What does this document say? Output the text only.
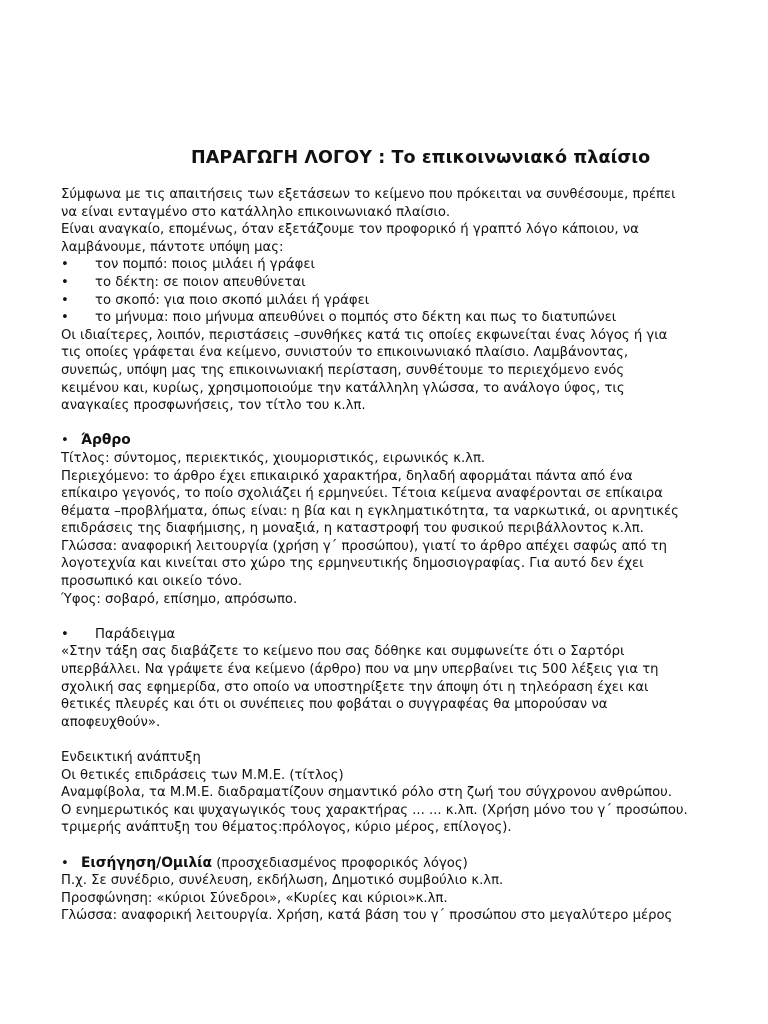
ΠΑΡΑΓΩΓΗ ΛΟΓΟΥ : Το επικοινωνιακό πλαίσιο
Σύμφωνα με τις απαιτήσεις των εξετάσεων το κείμενο που πρόκειται να συνθέσουμε, πρέπει
να είναι ενταγμένο στο κατάλληλο επικοινωνιακό πλαίσιο.
Είναι αναγκαίο, επομένως, όταν εξετάζουμε τον προφορικό ή γραπτό λόγο κάποιου, να
λαμβάνουμε, πάντοτε υπόψη μας:
• τον πομπό: ποιος μιλάει ή γράφει
• το δέκτη: σε ποιον απευθύνεται
• το σκοπό: για ποιο σκοπό μιλάει ή γράφει
• το μήνυμα: ποιο μήνυμα απευθύνει ο πομπός στο δέκτη και πως το διατυπώνει
Οι ιδιαίτερες, λοιπόν, περιστάσεις –συνθήκες κατά τις οποίες εκφωνείται ένας λόγος ή για
τις οποίες γράφεται ένα κείμενο, συνιστούν το επικοινωνιακό πλαίσιο. Λαμβάνοντας,
συνεπώς, υπόψη μας της επικοινωνιακή περίσταση, συνθέτουμε το περιεχόμενο ενός
κειμένου και, κυρίως, χρησιμοποιούμε την κατάλληλη γλώσσα, το ανάλογο ύφος, τις
αναγκαίες προσφωνήσεις, τον τίτλο του κ.λπ.
• Άρθρο
Τίτλος: σύντομος, περιεκτικός, χιουμοριστικός, ειρωνικός κ.λπ.
Περιεχόμενο: το άρθρο έχει επικαιρικό χαρακτήρα, δηλαδή αφορμάται πάντα από ένα
επίκαιρο γεγονός, το ποίο σχολιάζει ή ερμηνεύει. Τέτοια κείμενα αναφέρονται σε επίκαιρα
θέματα –προβλήματα, όπως είναι: η βία και η εγκληματικότητα, τα ναρκωτικά, οι αρνητικές
επιδράσεις της διαφήμισης, η μοναξιά, η καταστροφή του φυσικού περιβάλλοντος κ.λπ.
Γλώσσα: αναφορική λειτουργία (χρήση γ΄ προσώπου), γιατί το άρθρο απέχει σαφώς από τη
λογοτεχνία και κινείται στο χώρο της ερμηνευτικής δημοσιογραφίας. Για αυτό δεν έχει
προσωπικό και οικείο τόνο.
Ύφος: σοβαρό, επίσημο, απρόσωπο.
• Παράδειγμα
«Στην τάξη σας διαβάζετε το κείμενο που σας δόθηκε και συμφωνείτε ότι ο Σαρτόρι
υπερβάλλει. Να γράψετε ένα κείμενο (άρθρο) που να μην υπερβαίνει τις 500 λέξεις για τη
σχολική σας εφημερίδα, στο οποίο να υποστηρίξετε την άποψη ότι η τηλεόραση έχει και
θετικές πλευρές και ότι οι συνέπειες που φοβάται ο συγγραφέας θα μπορούσαν να
αποφευχθούν».
Ενδεικτική ανάπτυξη
Οι θετικές επιδράσεις των Μ.Μ.Ε. (τίτλος)
Αναμφίβολα, τα Μ.Μ.Ε. διαδραματίζουν σημαντικό ρόλο στη ζωή του σύγχρονου ανθρώπου.
Ο ενημερωτικός και ψυχαγωγικός τους χαρακτήρας ... ... κ.λπ. (Χρήση μόνο του γ΄ προσώπου.
τριμερής ανάπτυξη του θέματος:πρόλογος, κύριο μέρος, επίλογος).
• Εισήγηση/Ομιλία (προσχεδιασμένος προφορικός λόγος)
Π.χ. Σε συνέδριο, συνέλευση, εκδήλωση, Δημοτικό συμβούλιο κ.λπ.
Προσφώνηση: «κύριοι Σύνεδροι», «Κυρίες και κύριοι»κ.λπ.
Γλώσσα: αναφορική λειτουργία. Χρήση, κατά βάση του γ΄ προσώπου στο μεγαλύτερο μέρος
